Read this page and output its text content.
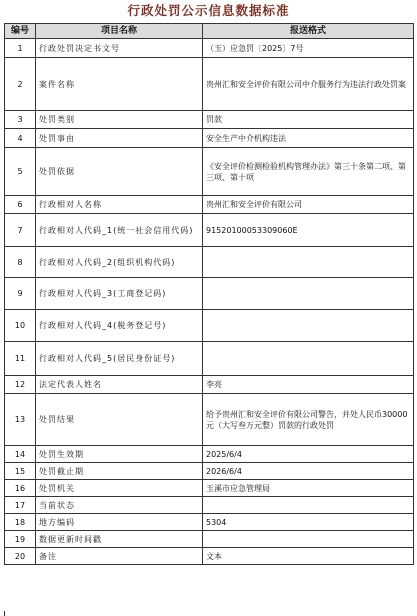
行政处罚公示信息数据标准
编号	项目名称	报送格式
1	行政处罚决定书文号	（玉）应急罚〔2025〕7号
2	案件名称	贵州汇和安全评价有限公司中介服务行为违法行政处罚案
3	处罚类别	罚款
4	处罚事由	安全生产中介机构违法
5	处罚依据	《安全评价检测检验机构管理办法》第三十条第二项、第三项、第十项
6	行政相对人名称	贵州汇和安全评价有限公司
7	行政相对人代码_1(统一社会信用代码)	91520100053309060E
8	行政相对人代码_2(组织机构代码)	
9	行政相对人代码_3(工商登记码)	
10	行政相对人代码_4(税务登记号)	
11	行政相对人代码_5(居民身份证号)	
12	法定代表人姓名	李亮
13	处罚结果	给予贵州汇和安全评价有限公司警告，并处人民币30000元（大写叁万元整）罚款的行政处罚
14	处罚生效期	2025/6/4
15	处罚截止期	2026/6/4
16	处罚机关	玉溪市应急管理局
17	当前状态	
18	地方编码	5304
19	数据更新时间戳	
20	备注	文本
